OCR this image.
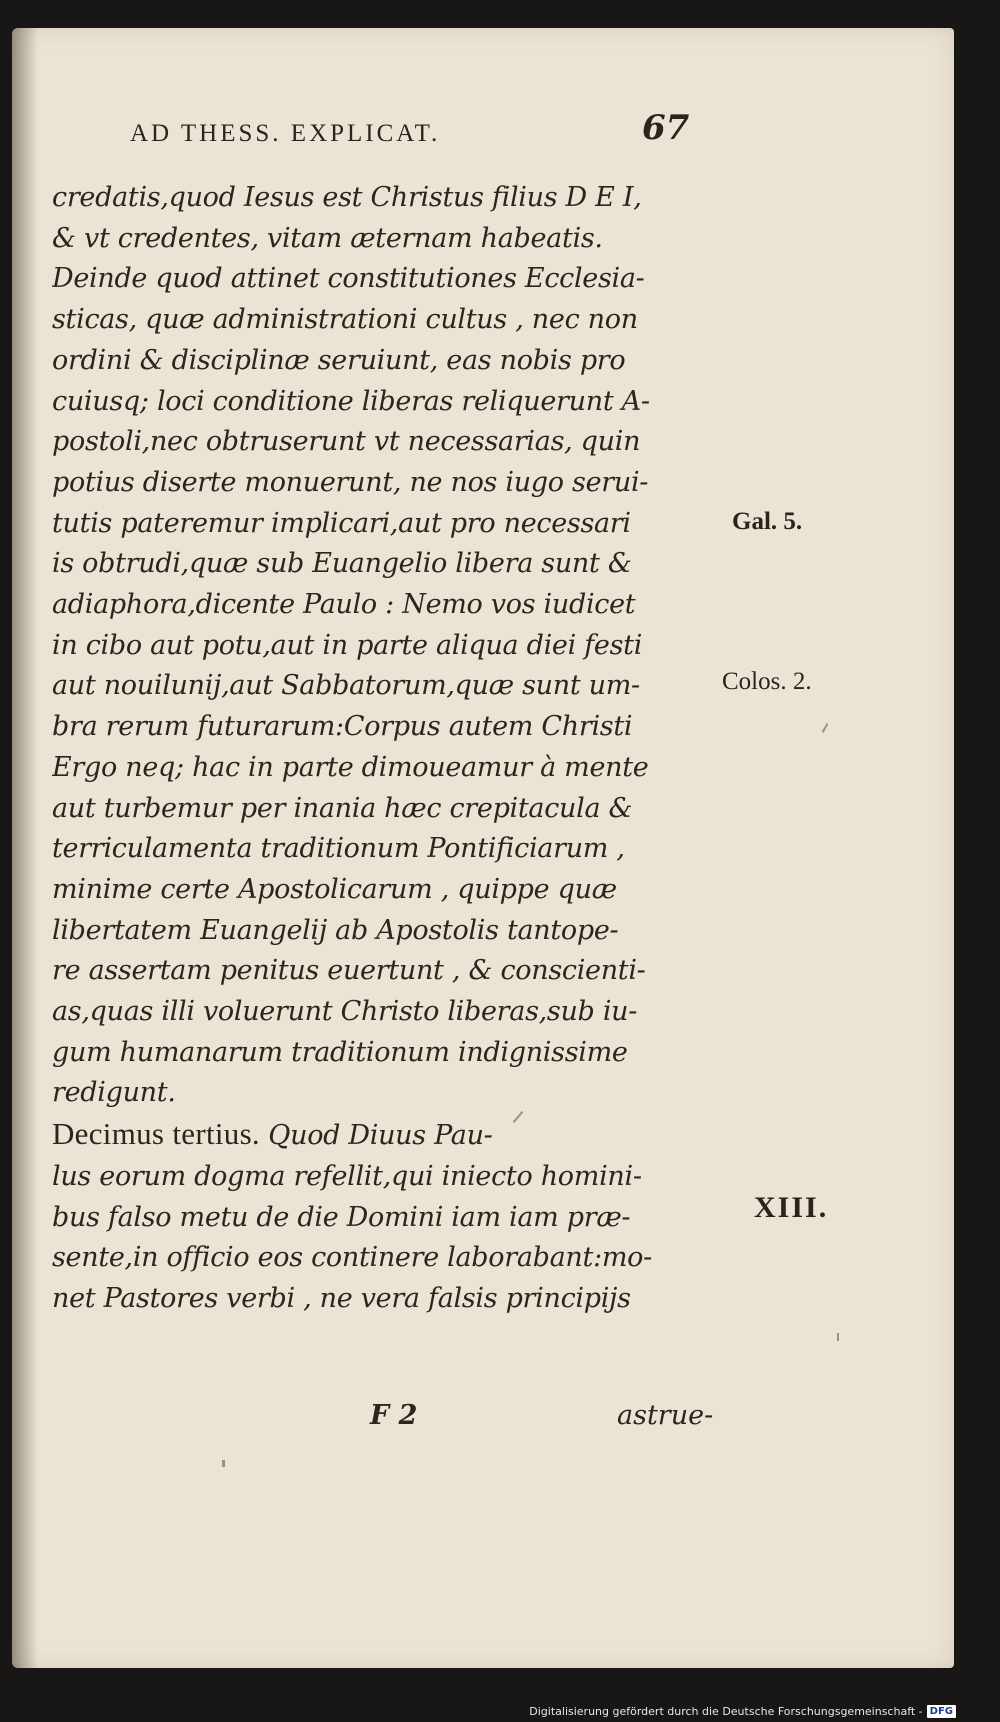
AD THESS. EXPLICAT.	67
credatis,quod Iesus est Christus filius D E I,
& vt credentes, vitam æternam habeatis.
Deinde quod attinet constitutiones Ecclesia-
sticas, quæ administrationi cultus , nec non
ordini & disciplinæ seruiunt, eas nobis pro
cuiusq; loci conditione liberas reliquerunt A-
postoli,nec obtruserunt vt necessarias, quin
potius diserte monuerunt, ne nos iugo serui-
tutis pateremur implicari,aut pro necessari
is obtrudi,quæ sub Euangelio libera sunt &
adiaphora,dicente Paulo : Nemo vos iudicet
in cibo aut potu,aut in parte aliqua diei festi
aut nouilunij,aut Sabbatorum,quæ sunt um-
bra rerum futurarum:Corpus autem Christi
Ergo neq; hac in parte dimoueamur à mente
aut turbemur per inania hæc crepitacula &
terriculamenta traditionum Pontificiarum ,
minime certe Apostolicarum , quippe quæ
libertatem Euangelij ab Apostolis tantope-
re assertam penitus euertunt , & conscienti-
as,quas illi voluerunt Christo liberas,sub iu-
gum humanarum traditionum indignissime
redigunt.
Decimus tertius. Quod Diuus Pau-
lus eorum dogma refellit,qui iniecto homini-
bus falso metu de die Domini iam iam præ-
sente,in officio eos continere laborabant:mo-
net Pastores verbi , ne vera falsis principijs
Gal. 5.
Colos. 2.
XIII.
F 2	astrue-
Digitalisierung gefördert durch die Deutsche Forschungsgemeinschaft - DFG
